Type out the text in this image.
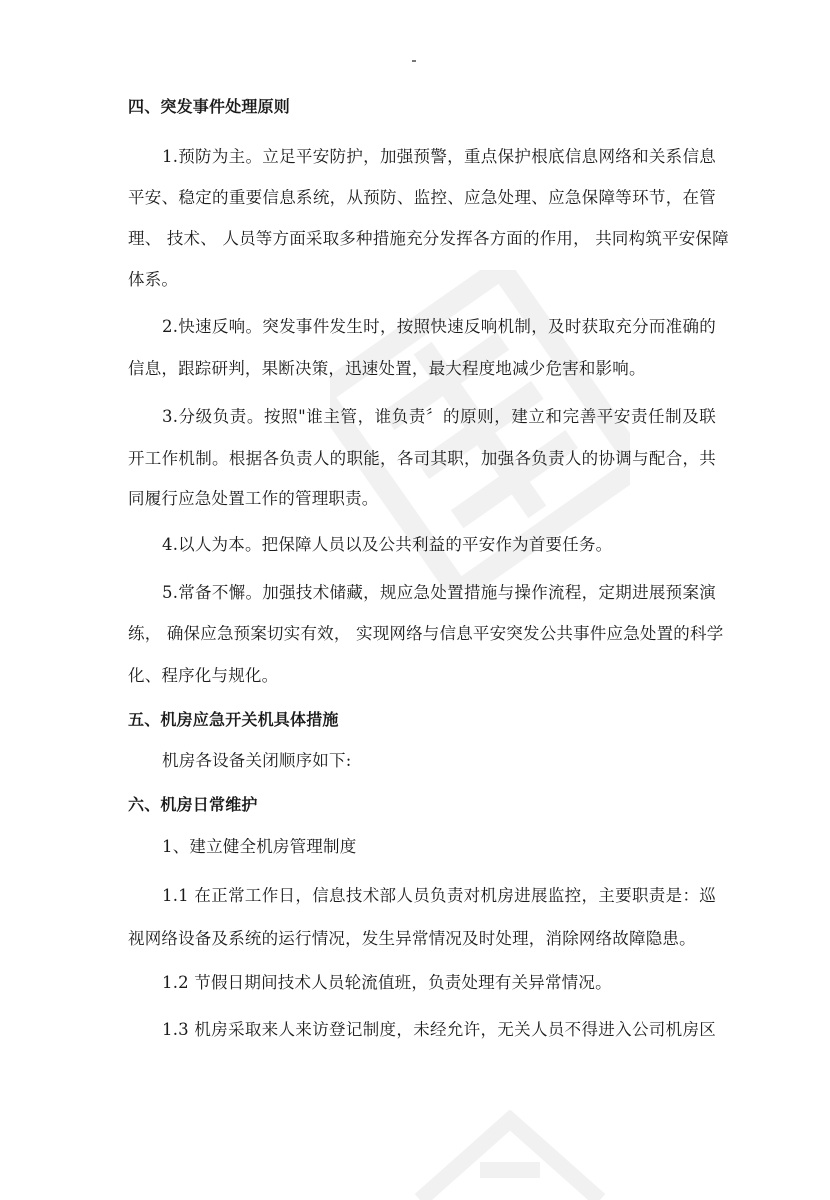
四、突发事件处理原则
1.预防为主。立足平安防护，加强预警，重点保护根底信息网络和关系信息
平安、稳定的重要信息系统，从预防、监控、应急处理、应急保障等环节，在管
理、 技术、 人员等方面采取多种措施充分发挥各方面的作用， 共同构筑平安保障
体系。
2.快速反响。突发事件发生时，按照快速反响机制，及时获取充分而准确的
信息，跟踪研判，果断决策，迅速处置，最大程度地减少危害和影响。
3.分级负责。按照"谁主管，谁负责〞的原则，建立和完善平安责任制及联
开工作机制。根据各负责人的职能，各司其职，加强各负责人的协调与配合，共
同履行应急处置工作的管理职责。
4.以人为本。把保障人员以及公共利益的平安作为首要任务。
5.常备不懈。加强技术储藏，规应急处置措施与操作流程，定期进展预案演
练， 确保应急预案切实有效， 实现网络与信息平安突发公共事件应急处置的科学
化、程序化与规化。
五、机房应急开关机具体措施
机房各设备关闭顺序如下:
六、机房日常维护
1、建立健全机房管理制度
1.1 在正常工作日，信息技术部人员负责对机房进展监控，主要职责是：巡
视网络设备及系统的运行情况，发生异常情况及时处理，消除网络故障隐患。
1.2 节假日期间技术人员轮流值班，负责处理有关异常情况。
1.3 机房采取来人来访登记制度，未经允许，无关人员不得进入公司机房区
